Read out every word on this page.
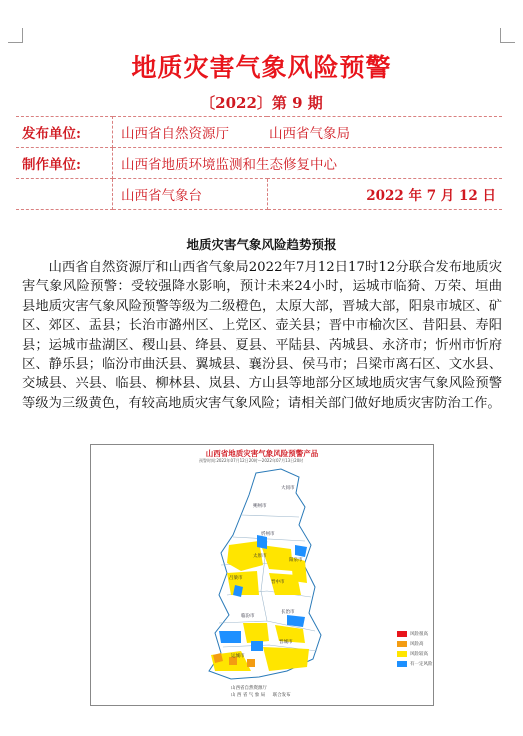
地质灾害气象风险预警
〔2022〕第 9 期
发布单位:	山西省自然资源厅 山西省气象局	
制作单位:	山西省地质环境监测和生态修复中心	
	山西省气象台	2022 年 7 月 12 日
地质灾害气象风险趋势预报

山西省自然资源厅和山西省气象局2022年7月12日17时12分联合发布地质灾害气象风险预警：受较强降水影响，预计未来24小时，运城市临猗、万荣、垣曲县地质灾害气象风险预警等级为二级橙色，太原大部，晋城大部，阳泉市城区、矿区、郊区、盂县；长治市潞州区、上党区、壶关县；晋中市榆次区、昔阳县、寿阳县；运城市盐湖区、稷山县、绛县、夏县、平陆县、芮城县、永济市；忻州市忻府区、静乐县；临汾市曲沃县、翼城县、襄汾县、侯马市；吕梁市离石区、文水县、交城县、兴县、临县、柳林县、岚县、方山县等地部分区域地质灾害气象风险预警等级为三级黄色，有较高地质灾害气象风险；请相关部门做好地质灾害防治工作。

大同市
朔州市
忻州市
阳泉市
太原市
吕梁市
晋中市
长治市
临汾市
晋城市
运城市
山西省地质灾害气象风险预警产品
预警时间:2022年07月12日20时—2022年07月13日20时
风险很高
风险高
风险较高
有一定风险
山西省自然资源厅
山 西 省 气 象 局 联合发布
